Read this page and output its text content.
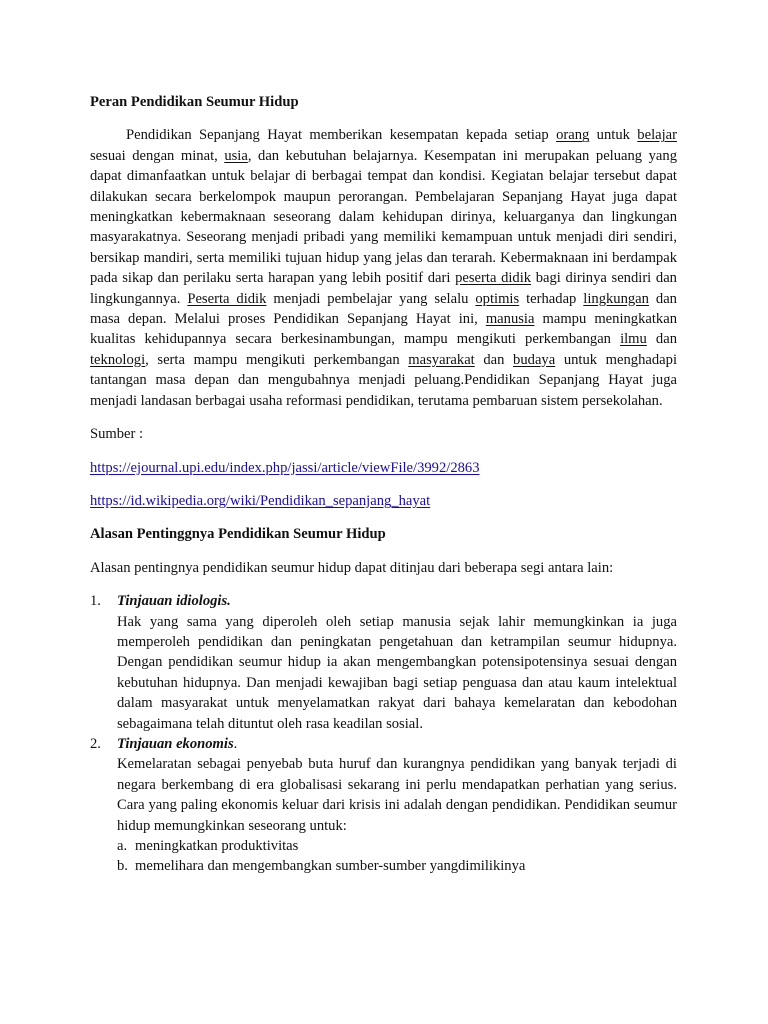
Peran Pendidikan Seumur Hidup

Pendidikan Sepanjang Hayat memberikan kesempatan kepada setiap orang untuk belajar sesuai dengan minat, usia, dan kebutuhan belajarnya. Kesempatan ini merupakan peluang yang dapat dimanfaatkan untuk belajar di berbagai tempat dan kondisi. Kegiatan belajar tersebut dapat dilakukan secara berkelompok maupun perorangan. Pembelajaran Sepanjang Hayat juga dapat meningkatkan kebermaknaan seseorang dalam kehidupan dirinya, keluarganya dan lingkungan masyarakatnya. Seseorang menjadi pribadi yang memiliki kemampuan untuk menjadi diri sendiri, bersikap mandiri, serta memiliki tujuan hidup yang jelas dan terarah. Kebermaknaan ini berdampak pada sikap dan perilaku serta harapan yang lebih positif dari peserta didik bagi dirinya sendiri dan lingkungannya. Peserta didik menjadi pembelajar yang selalu optimis terhadap lingkungan dan masa depan. Melalui proses Pendidikan Sepanjang Hayat ini, manusia mampu meningkatkan kualitas kehidupannya secara berkesinambungan, mampu mengikuti perkembangan ilmu dan teknologi, serta mampu mengikuti perkembangan masyarakat dan budaya untuk menghadapi tantangan masa depan dan mengubahnya menjadi peluang.Pendidikan Sepanjang Hayat juga menjadi landasan berbagai usaha reformasi pendidikan, terutama pembaruan sistem persekolahan.

Sumber :

https://ejournal.upi.edu/index.php/jassi/article/viewFile/3992/2863
https://id.wikipedia.org/wiki/Pendidikan_sepanjang_hayat
Alasan Pentinggnya Pendidikan Seumur Hidup

Alasan pentingnya pendidikan seumur hidup dapat ditinjau dari beberapa segi antara lain:

1. Tinjauan idiologis.
Hak yang sama yang diperoleh oleh setiap manusia sejak lahir memungkinkan ia juga memperoleh pendidikan dan peningkatan pengetahuan dan ketrampilan seumur hidupnya. Dengan pendidikan seumur hidup ia akan mengembangkan potensipotensinya sesuai dengan kebutuhan hidupnya. Dan menjadi kewajiban bagi setiap penguasa dan atau kaum intelektual dalam masyarakat untuk menyelamatkan rakyat dari bahaya kemelaratan dan kebodohan sebagaimana telah dituntut oleh rasa keadilan sosial.
2. Tinjauan ekonomis.
Kemelaratan sebagai penyebab buta huruf dan kurangnya pendidikan yang banyak terjadi di negara berkembang di era globalisasi sekarang ini perlu mendapatkan perhatian yang serius. Cara yang paling ekonomis keluar dari krisis ini adalah dengan pendidikan. Pendidikan seumur hidup memungkinkan seseorang untuk:
a. meningkatkan produktivitas
b. memelihara dan mengembangkan sumber-sumber yangdimilikinya
